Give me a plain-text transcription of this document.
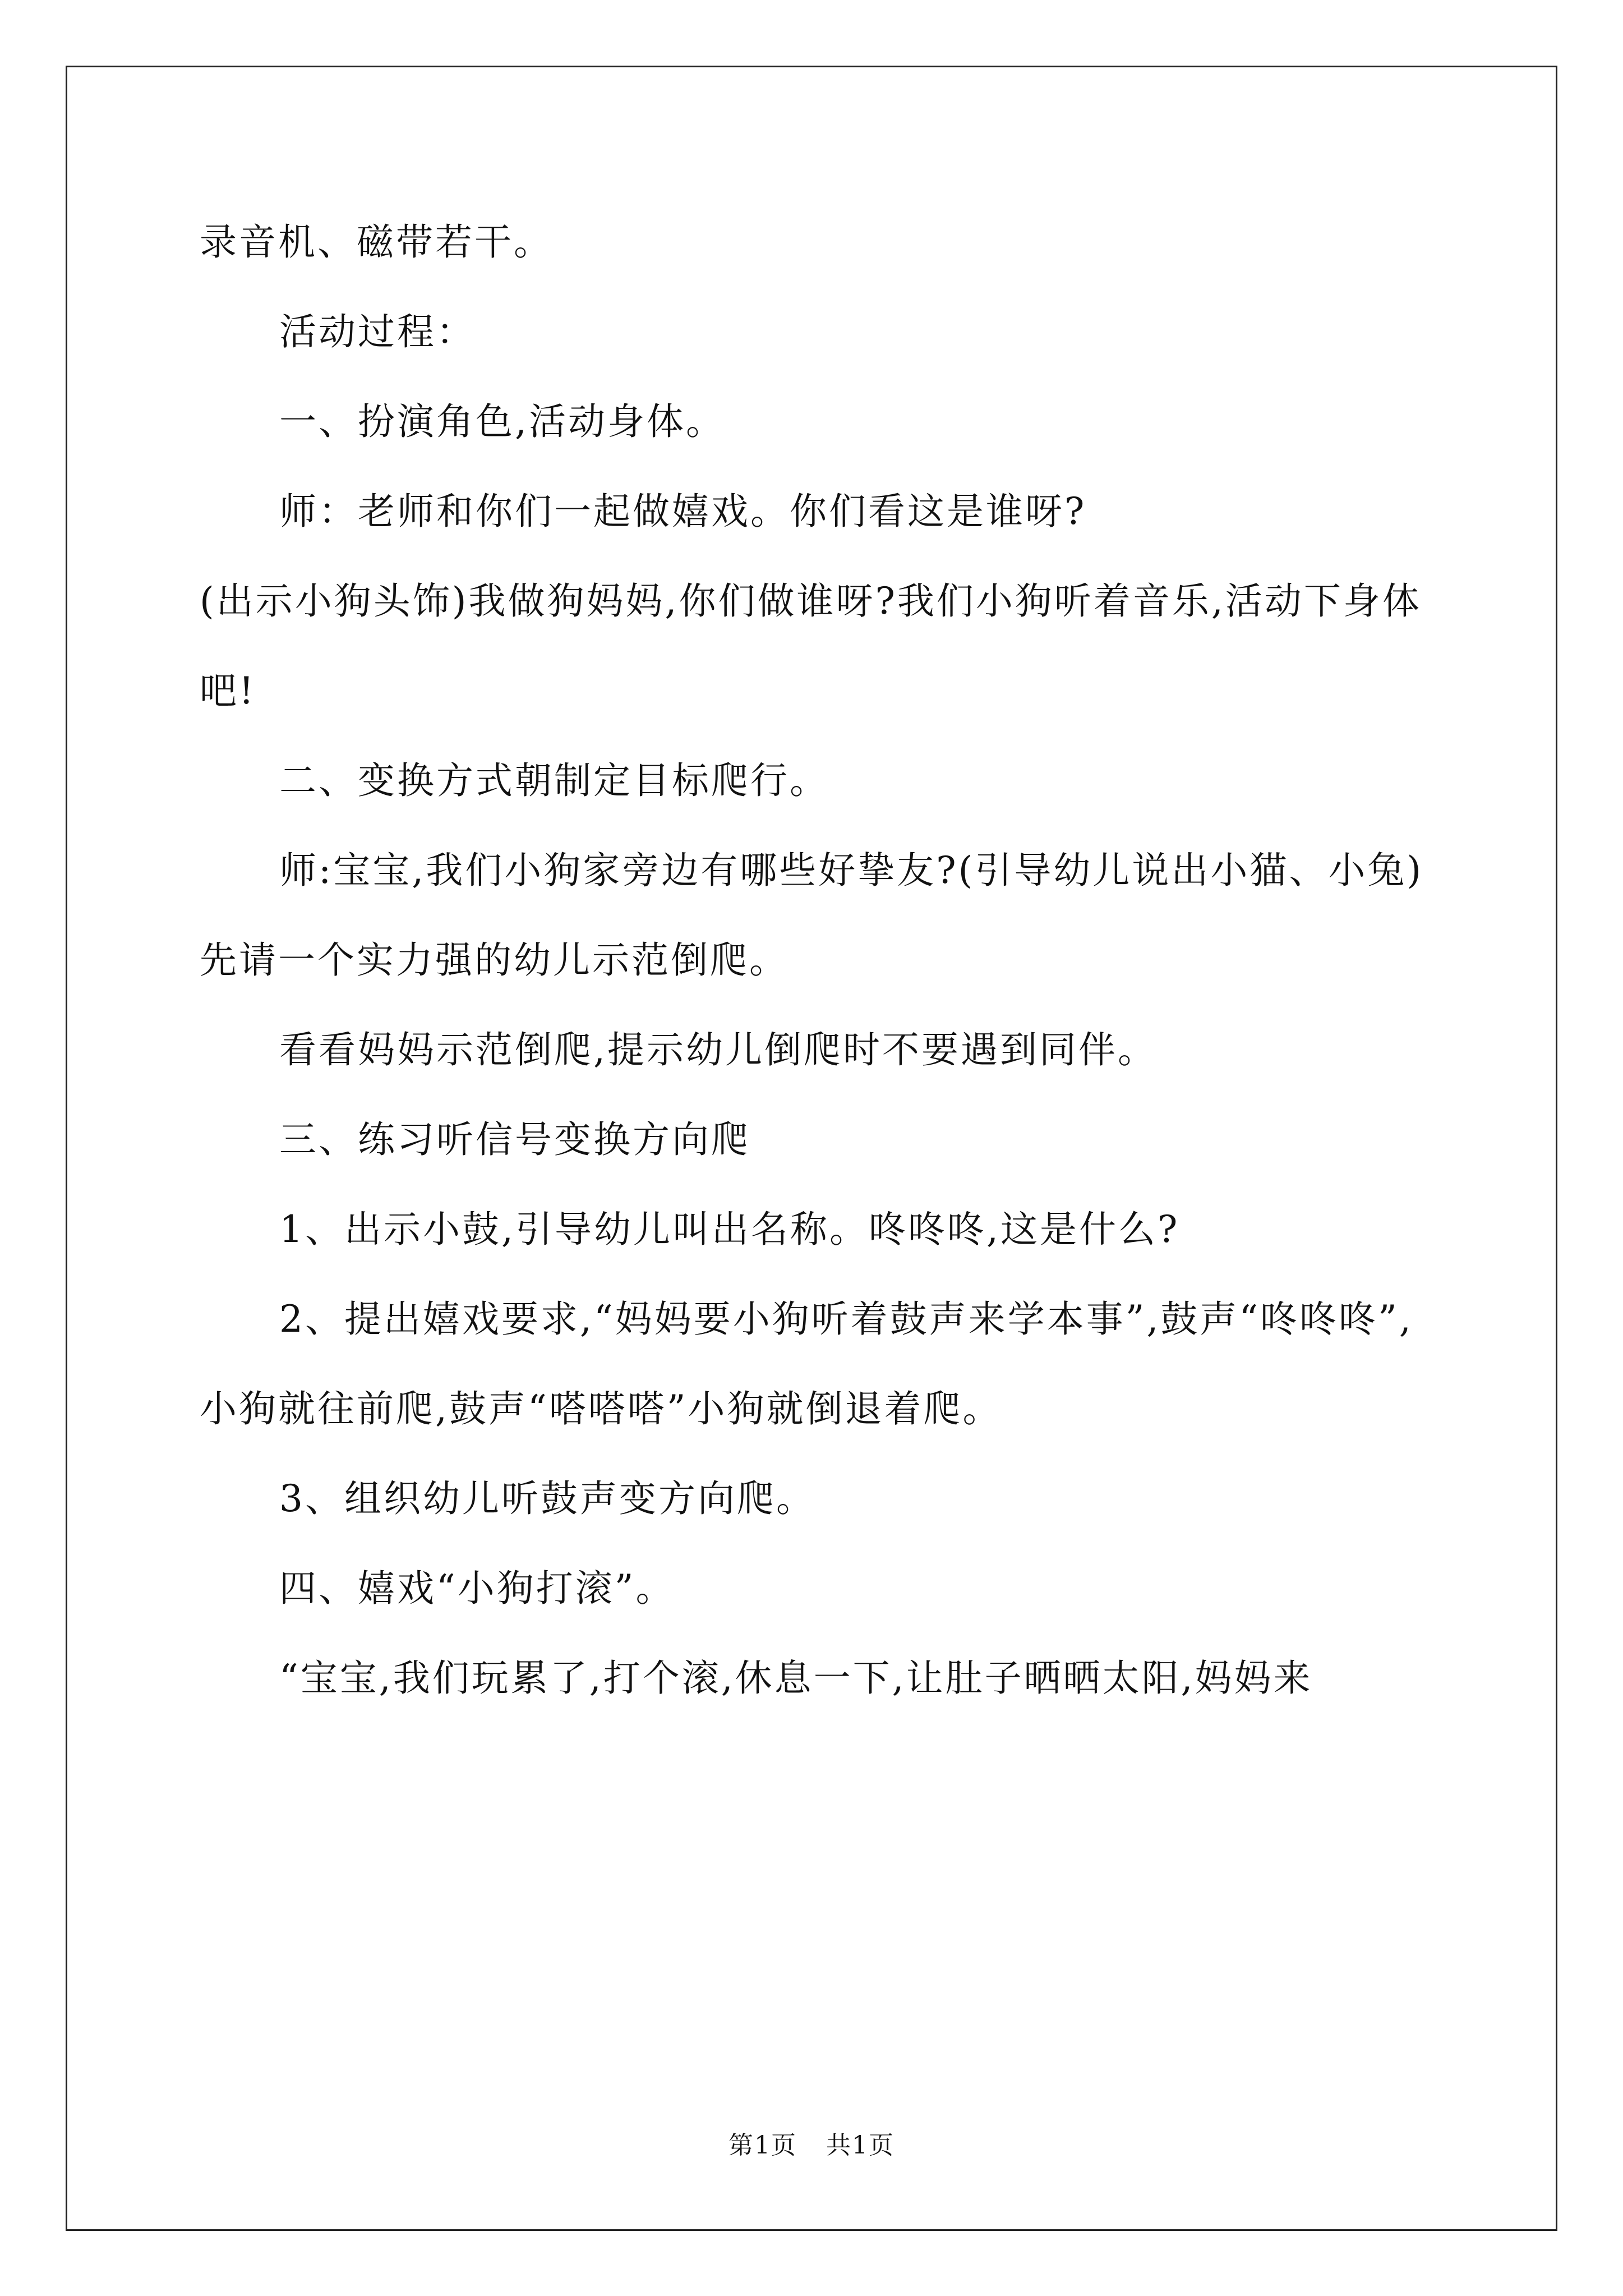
录音机、磁带若干。

活动过程：

一、扮演角色,活动身体。

师：老师和你们一起做嬉戏。你们看这是谁呀?

(出示小狗头饰)我做狗妈妈,你们做谁呀?我们小狗听着音乐,活动下身体吧!

二、变换方式朝制定目标爬行。

师:宝宝,我们小狗家旁边有哪些好挚友?(引导幼儿说出小猫、小兔)先请一个实力强的幼儿示范倒爬。

看看妈妈示范倒爬,提示幼儿倒爬时不要遇到同伴。

三、练习听信号变换方向爬

1、出示小鼓,引导幼儿叫出名称。咚咚咚,这是什么?

2、提出嬉戏要求,“妈妈要小狗听着鼓声来学本事”,鼓声“咚咚咚”,小狗就往前爬,鼓声“嗒嗒嗒”小狗就倒退着爬。

3、组织幼儿听鼓声变方向爬。

四、嬉戏“小狗打滚”。

“宝宝,我们玩累了,打个滚,休息一下,让肚子晒晒太阳,妈妈来

第1页 共1页
